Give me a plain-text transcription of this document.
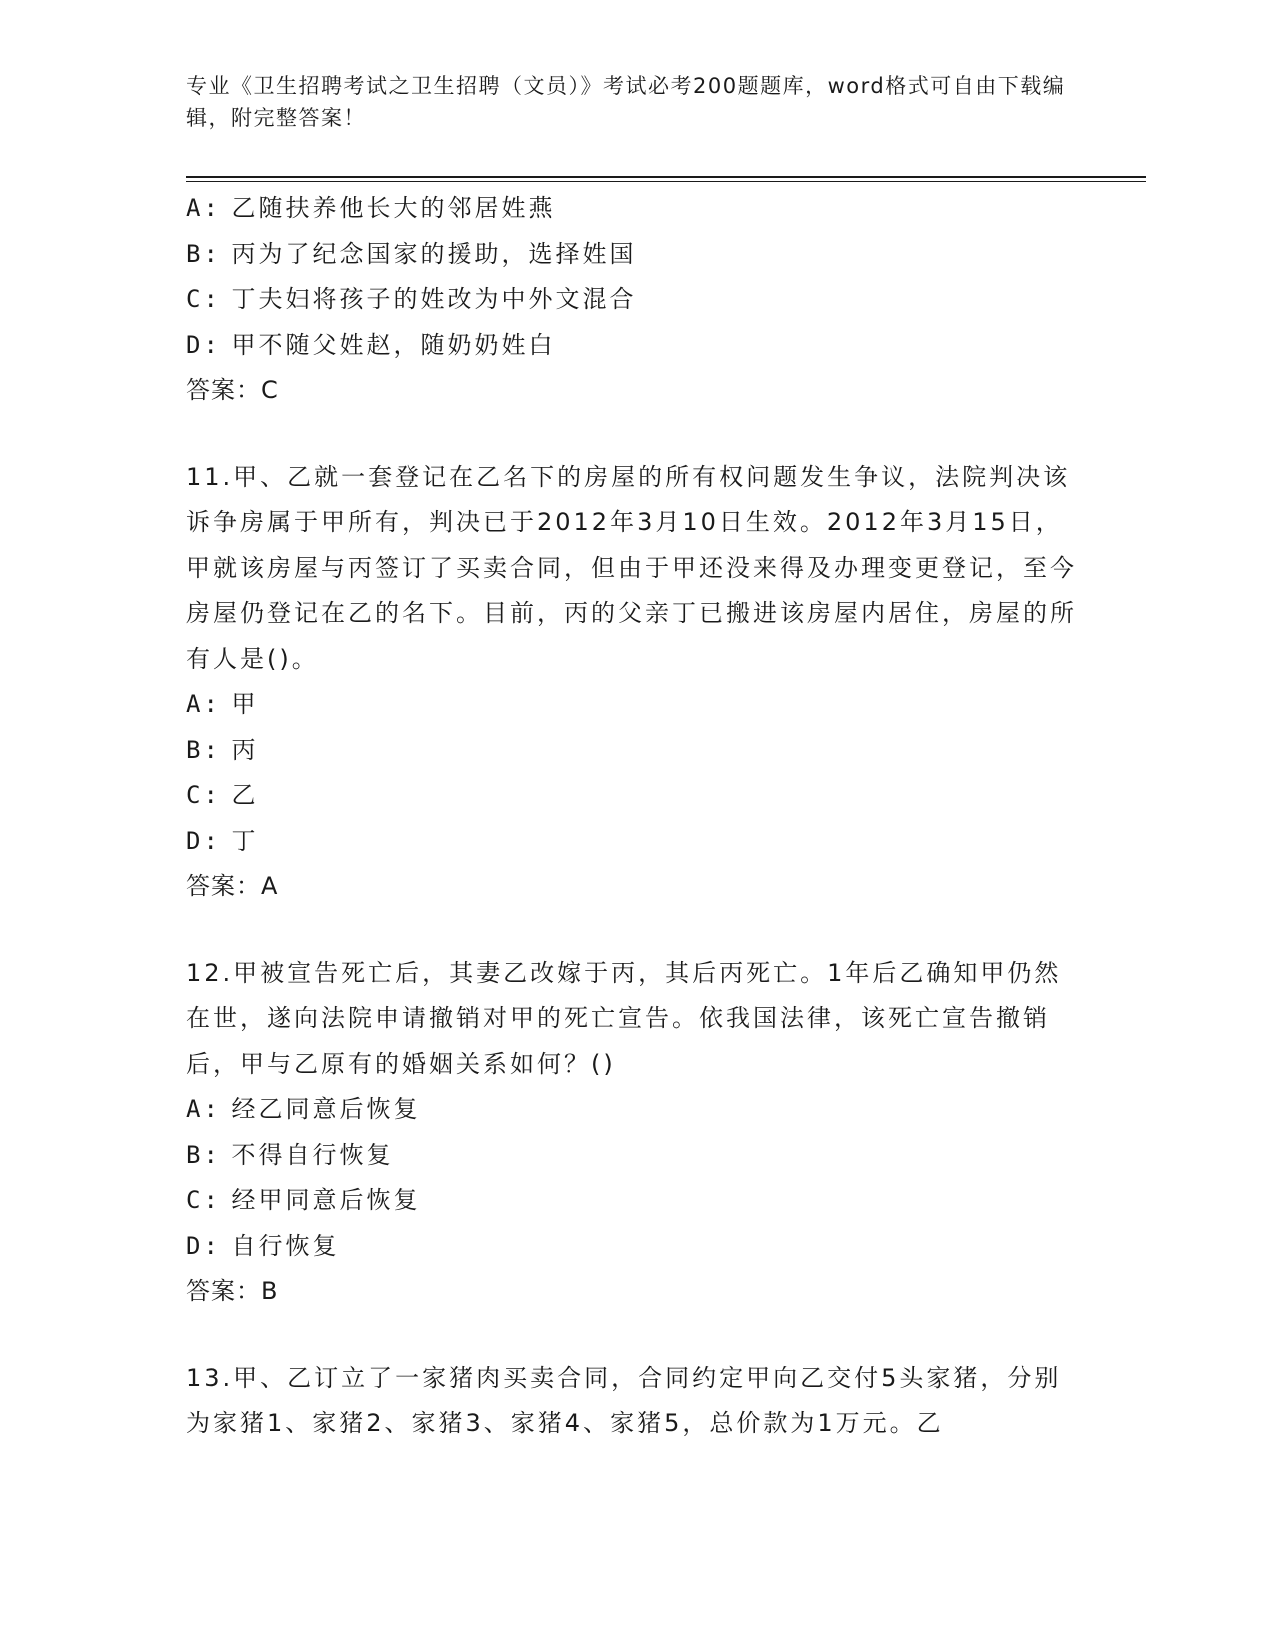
专业《卫生招聘考试之卫生招聘（文员）》考试必考200题题库，word格式可自由下载编辑，附完整答案！
A: 乙随扶养他长大的邻居姓燕
B: 丙为了纪念国家的援助，选择姓国
C: 丁夫妇将孩子的姓改为中外文混合
D: 甲不随父姓赵，随奶奶姓白
答案：C
11.甲、乙就一套登记在乙名下的房屋的所有权问题发生争议，法院判决该诉争房属于甲所有，判决已于2012年3月10日生效。2012年3月15日，甲就该房屋与丙签订了买卖合同，但由于甲还没来得及办理变更登记，至今房屋仍登记在乙的名下。目前，丙的父亲丁已搬进该房屋内居住，房屋的所有人是()。
A: 甲
B: 丙
C: 乙
D: 丁
答案：A
12.甲被宣告死亡后，其妻乙改嫁于丙，其后丙死亡。1年后乙确知甲仍然在世，遂向法院申请撤销对甲的死亡宣告。依我国法律，该死亡宣告撤销后，甲与乙原有的婚姻关系如何？()
A: 经乙同意后恢复
B: 不得自行恢复
C: 经甲同意后恢复
D: 自行恢复
答案：B
13.甲、乙订立了一家猪肉买卖合同，合同约定甲向乙交付5头家猪，分别为家猪1、家猪2、家猪3、家猪4、家猪5，总价款为1万元。乙
